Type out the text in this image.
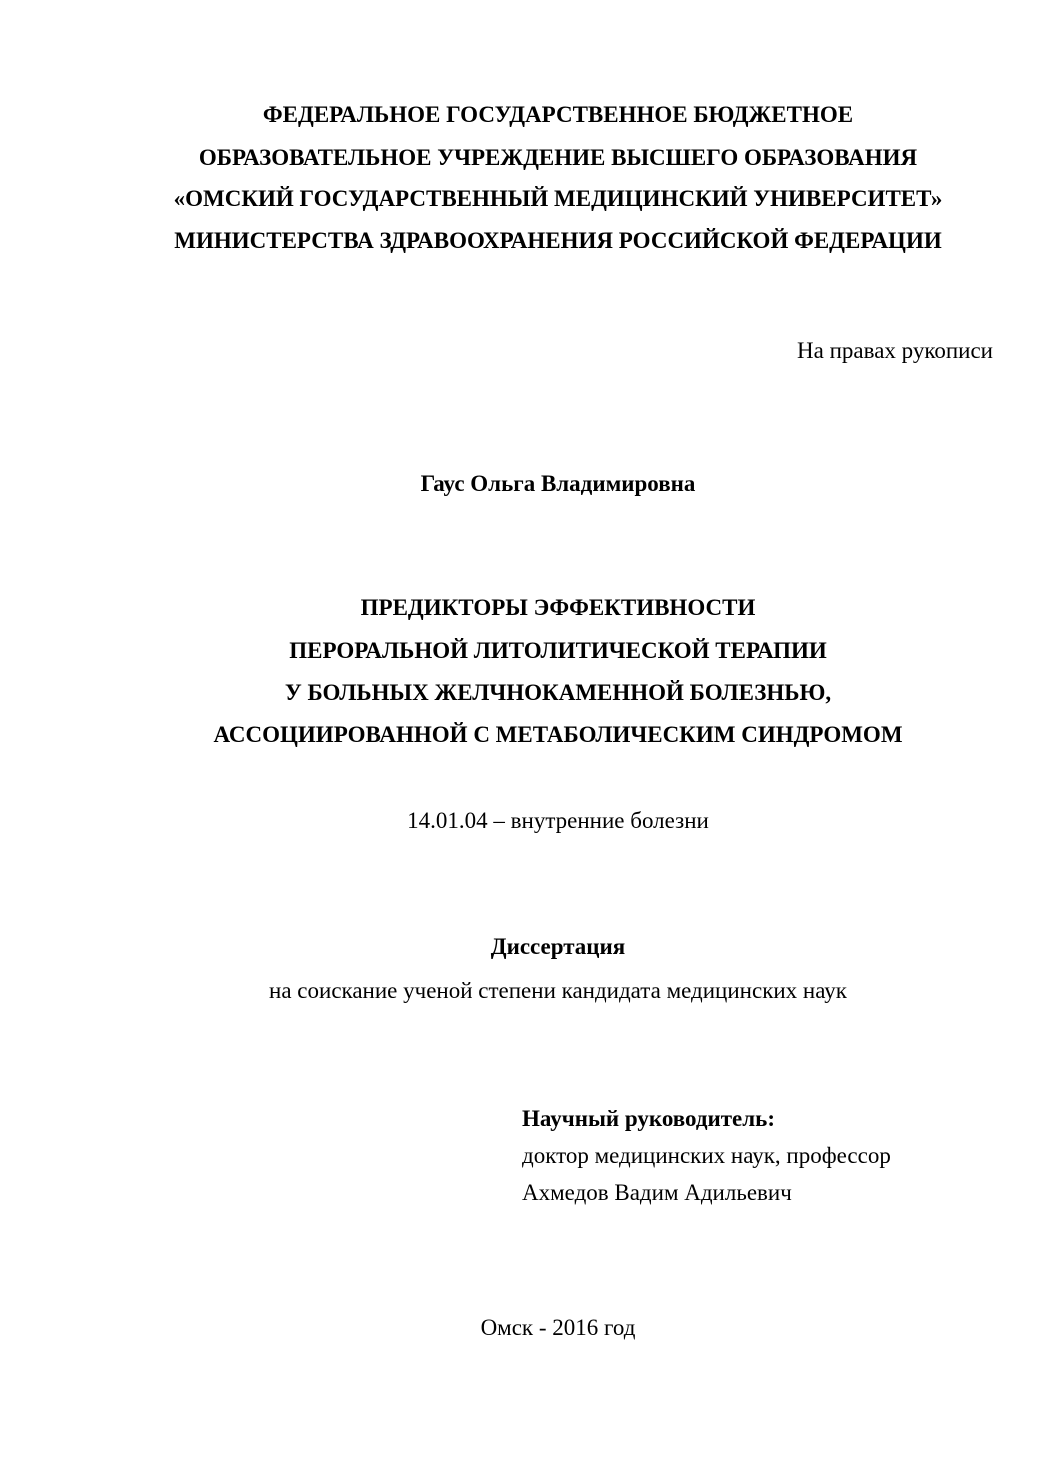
ФЕДЕРАЛЬНОЕ ГОСУДАРСТВЕННОЕ БЮДЖЕТНОЕ
ОБРАЗОВАТЕЛЬНОЕ УЧРЕЖДЕНИЕ ВЫСШЕГО ОБРАЗОВАНИЯ
«ОМСКИЙ ГОСУДАРСТВЕННЫЙ МЕДИЦИНСКИЙ УНИВЕРСИТЕТ»
МИНИСТЕРСТВА ЗДРАВООХРАНЕНИЯ РОССИЙСКОЙ ФЕДЕРАЦИИ
На правах рукописи
Гаус Ольга Владимировна
ПРЕДИКТОРЫ ЭФФЕКТИВНОСТИ
ПЕРОРАЛЬНОЙ ЛИТОЛИТИЧЕСКОЙ ТЕРАПИИ
У БОЛЬНЫХ ЖЕЛЧНОКАМЕННОЙ БОЛЕЗНЬЮ,
АССОЦИИРОВАННОЙ С МЕТАБОЛИЧЕСКИМ СИНДРОМОМ
14.01.04 – внутренние болезни
Диссертация
на соискание ученой степени кандидата медицинских наук
Научный руководитель:
доктор медицинских наук, профессор
Ахмедов Вадим Адильевич
Омск - 2016 год
